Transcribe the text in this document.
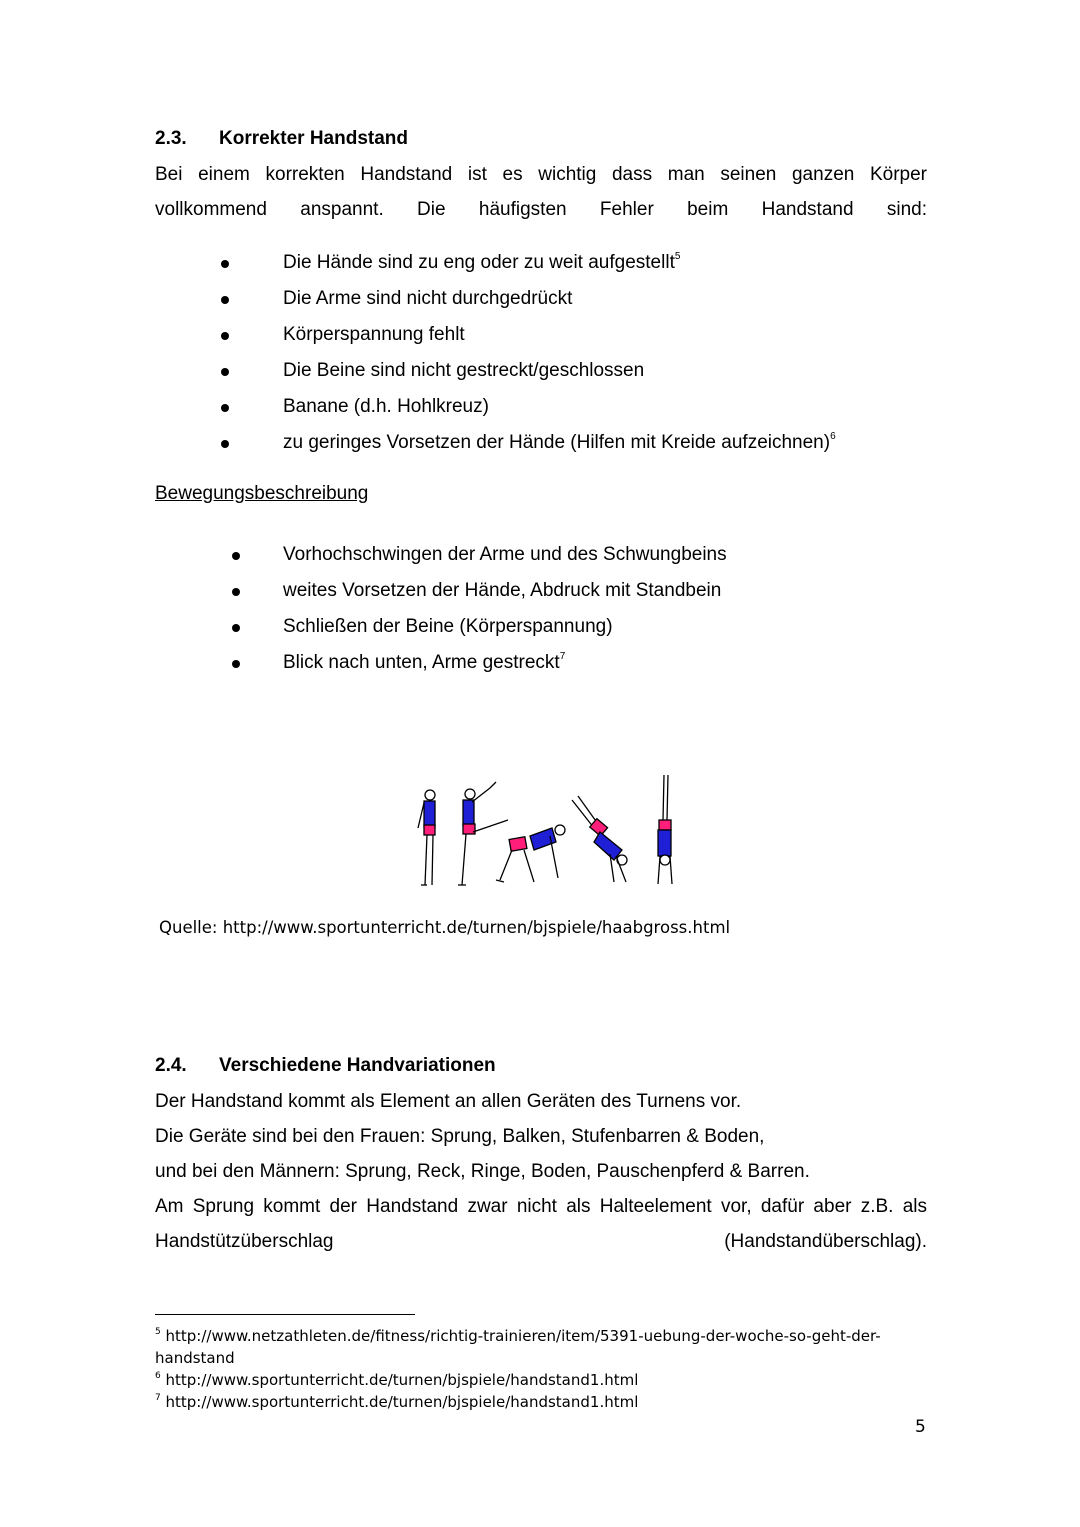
2.3. Korrekter Handstand
Bei einem korrekten Handstand ist es wichtig dass man seinen ganzen Körper vollkommend anspannt. Die häufigsten Fehler beim Handstand sind:
Die Hände sind zu eng oder zu weit aufgestellt$^5$
Die Arme sind nicht durchgedrückt
Körperspannung fehlt
Die Beine sind nicht gestreckt/geschlossen
Banane (d.h. Hohlkreuz)
zu geringes Vorsetzen der Hände (Hilfen mit Kreide aufzeichnen)$^6$
Bewegungsbeschreibung
Vorhochschwingen der Arme und des Schwungbeins
weites Vorsetzen der Hände, Abdruck mit Standbein
Schließen der Beine (Körperspannung)
Blick nach unten, Arme gestreckt$^7$
Quelle: http://www.sportunterricht.de/turnen/bjspiele/haabgross.html
2.4. Verschiedene Handvariationen
Der Handstand kommt als Element an allen Geräten des Turnens vor.
Die Geräte sind bei den Frauen: Sprung, Balken, Stufenbarren & Boden,
und bei den Männern: Sprung, Reck, Ringe, Boden, Pauschenpferd & Barren.
Am Sprung kommt der Handstand zwar nicht als Halteelement vor, dafür aber z.B. als Handstützüberschlag (Handstandüberschlag).
$^5$ http://www.netzathleten.de/fitness/richtig-trainieren/item/5391-uebung-der-woche-so-geht-der-handstand
$^6$ http://www.sportunterricht.de/turnen/bjspiele/handstand1.html
$^7$ http://www.sportunterricht.de/turnen/bjspiele/handstand1.html
5
